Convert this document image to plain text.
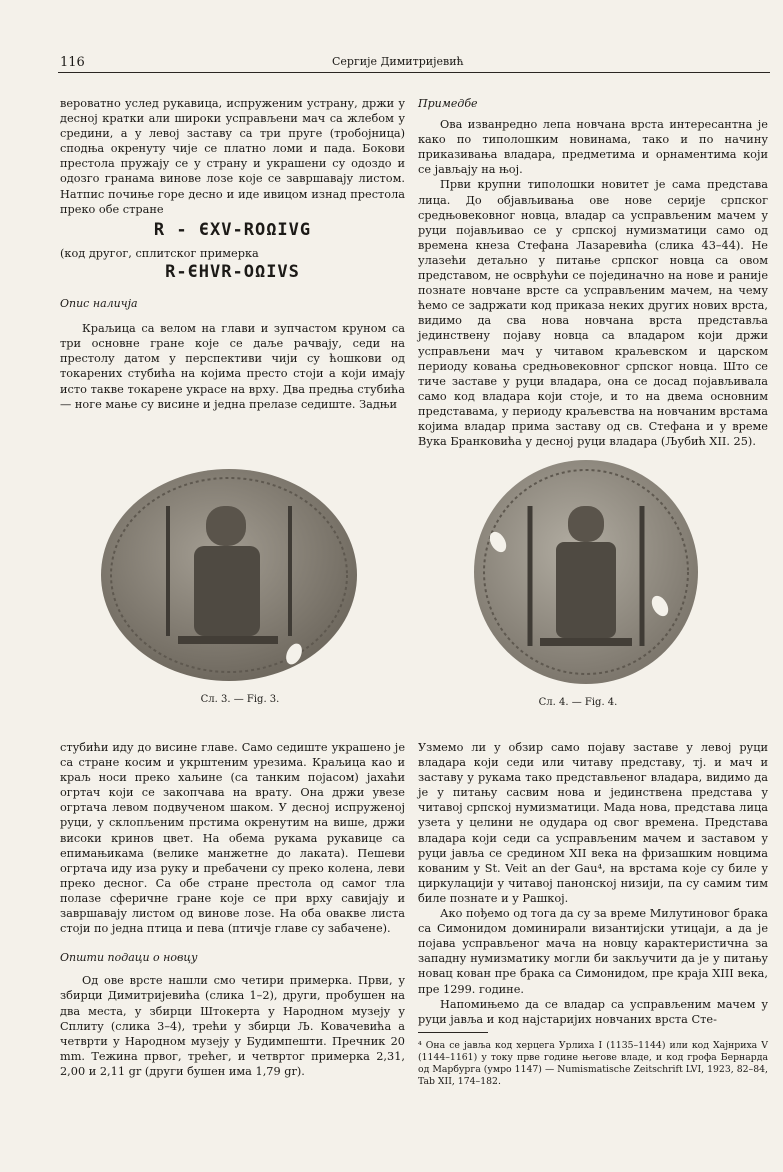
116	Сергије Димитријевић

вероватно услед рукавица, испруженим устрану, држи у десној кратки али широки усправљени мач са жлебом у средини, а у левој заставу са три пруге (тробојница) сподња окренуту чије се платно ломи и пада. Бокови престола пружају се у страну и украшени су одоздо и одозго гранама винове лозе које се завршавају листом. Натпис почиње горе десно и иде ивицом изнад престола преко обе стране

R - ЄXV-ROΩIVG

(код другог, сплитског примерка

R-ЄHVR-OΩIVS

Опис наличја

Краљица са велом на глави и зупчастом круном са три основне гране које се даље рачвају, седи на престолу датом у перспективи чији су ћошкови од токарених стубића на којима престо стоји а који имају исто такве токарене украсе на врху. Два предња стубића — ноге мање су висине и једна прелазе седиште. Задњи

Примедбе

Ова изванредно лепа новчана врста интересантна је како по типолошким новинама, тако и по начину приказивања владара, предметима и орнаментима који се јављају на њој.

Први крупни типолошки новитет је сама представа лица. До објављивања ове нове серије српског средњовековног новца, владар са усправљеним мачем у руци појављивао се у српској нумизматици само од времена кнеза Стефана Лазаревића (слика 43–44). Не улазећи детаљно у питање српског новца са овом представом, не осврћући се појединачно на нове и раније познате новчане врсте са усправљеним мачем, на чему ћемо се задржати код приказа неких других нових врста, видимо да сва нова новчана врста представља јединствену појаву новца са владаром који држи усправљени мач у читавом краљевском и царском периоду ковања средњовековног српског новца. Што се тиче заставе у руци владара, она се досад појављивала само код владара који стоје, и то на двема основним представама, у периоду краљевства на новчаним врстама којима владар прима заставу од св. Стефана и у време Вука Бранковића у десној руци владара (Љубић XII. 25).

Сл. 3. — Fig. 3.	Сл. 4. — Fig. 4.

стубићи иду до висине главе. Само седиште украшено је са стране косим и укрштеним урезима. Краљица као и краљ носи преко хаљине (са танким појасом) јахаћи огртач који се закопчава на врату. Она држи увезе огртача левом подвученом шаком. У десној испруженој руци, у склопљеним прстима окренутим на више, држи високи кринов цвет. На обема рукама рукавице са епимањикама (велике манжетне до лаката). Пешеви огртача иду иза руку и пребачени су преко колена, леви преко десног. Са обе стране престола од самог тла полазе сферичне гране које се при врху савијају и завршавају листом од винове лозе. На оба овакве листа стоји по једна птица и пева (птичје главе су забачене).

Општи подаци о новцу

Од ове врсте нашли смо четири примерка. Први, у збирци Димитријевића (слика 1–2), други, пробушен на два места, у збирци Штокерта у Народном музеју у Сплиту (слика 3–4), трећи у збирци Љ. Ковачевића а четврти у Народном музеју у Будимпешти. Пречник 20 mm. Тежина првог, трећег, и четвртог примерка 2,31, 2,00 и 2,11 gr (други бушен има 1,79 gr).

Узмемо ли у обзир само појаву заставе у левој руци владара који седи или читаву представу, тј. и мач и заставу у рукама тако представљеног владара, видимо да је у питању сасвим нова и јединствена представа у читавој српској нумизматици. Мада нова, представа лица узета у целини не одудара од свог времена. Представа владара који седи са усправљеним мачем и заставом у руци јавља се средином XII века на фризашким новцима кованим у St. Veit an der Gau⁴, на врстама које су биле у циркулацији у читавој панонској низији, па су самим тим биле познате и у Рашкој.

Ако пођемо од тога да су за време Милутиновог брака са Симонидом доминирали византијски утицаји, а да је појава усправљеног мача на новцу карактеристична за западну нумизматику могли би закључити да је у питању новац кован пре брака са Симонидом, пре краја XIII века, пре 1299. године.

Напомињемо да се владар са усправљеним мачем у руци јавља и код најстаријих новчаних врста Сте-

⁴ Она се јавља код херцега Урлиха I (1135–1144) или код Хајнриха V (1144–1161) у току прве године његове владе, и код грофа Бернарда од Марбурга (умро 1147) — Numismatische Zeitschrift LVI, 1923, 82–84, Tab XII, 174–182.
